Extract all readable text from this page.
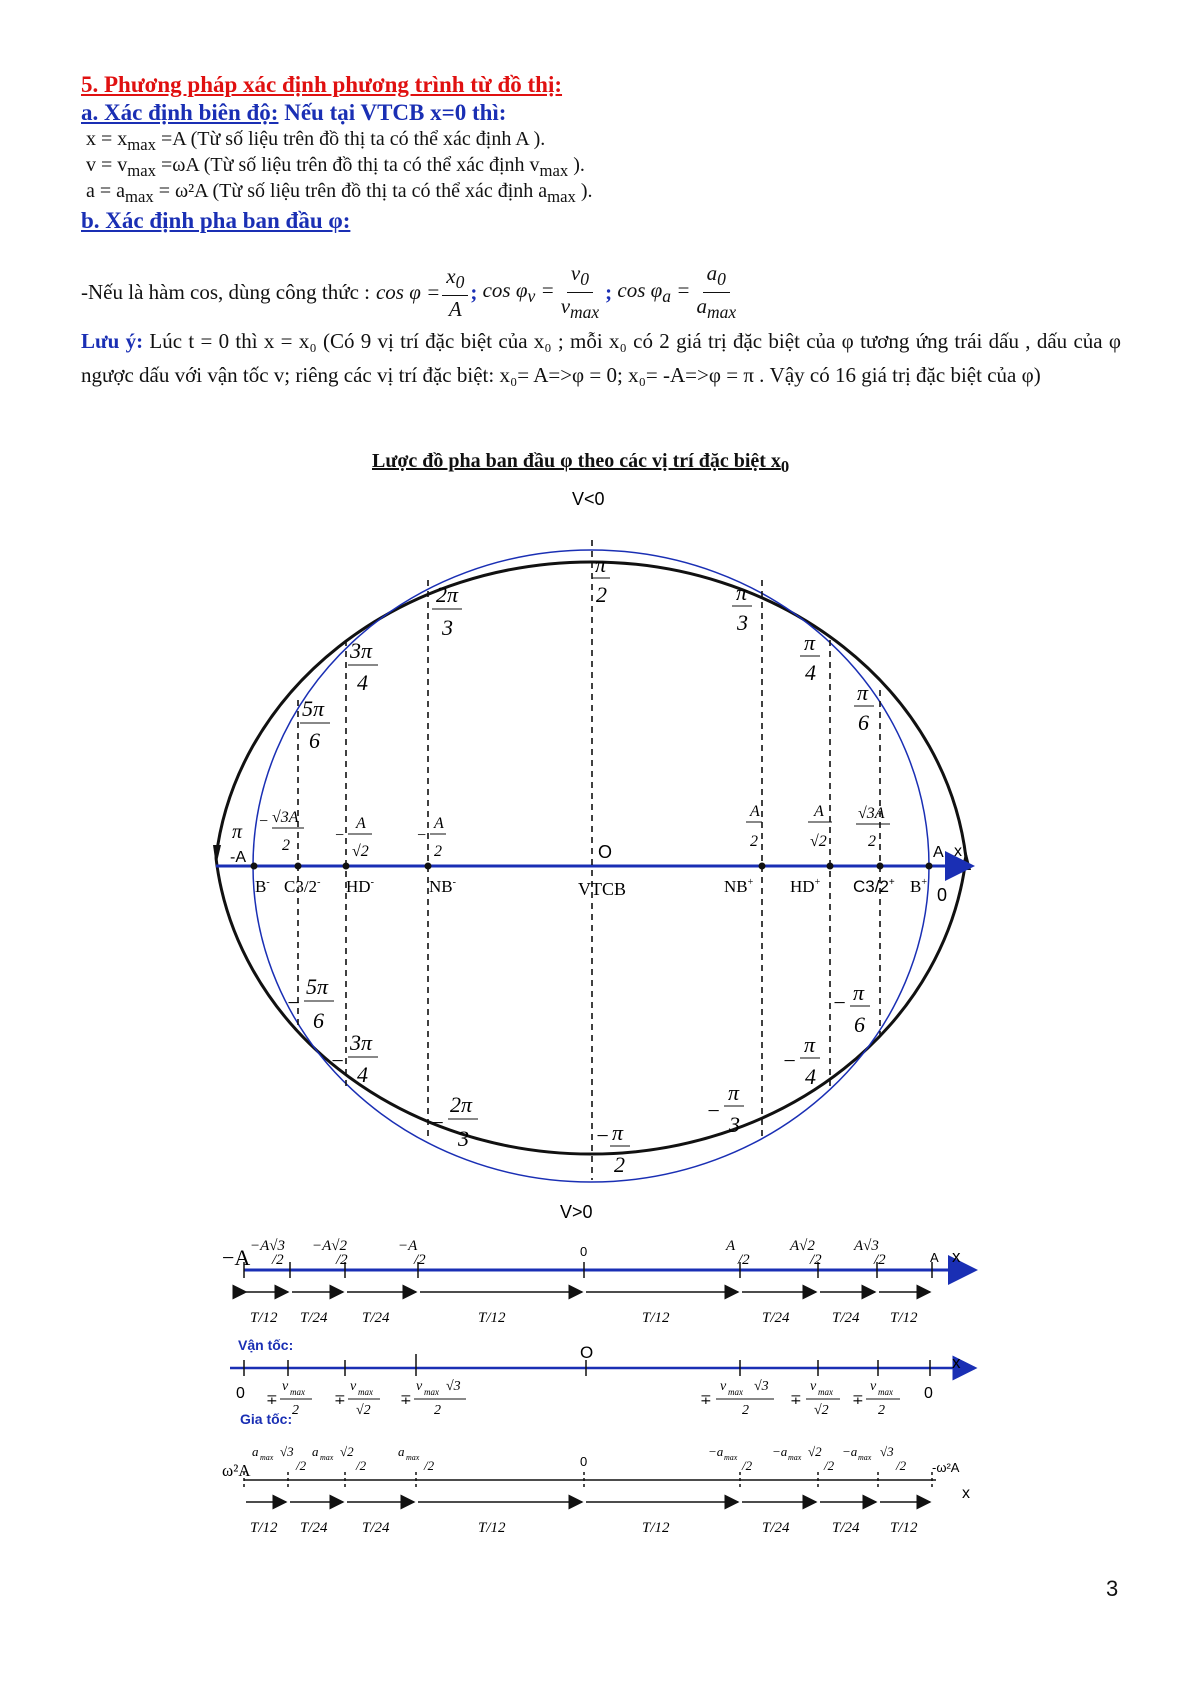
5. Phương pháp xác định phương trình từ đồ thị:
a. Xác định biên độ: Nếu tại VTCB x=0 thì:
$x = x_{max} =A$ (Từ số liệu trên đồ thị ta có thể xác định A ).
$v = v_{max} =\omega A$ (Từ số liệu trên đồ thị ta có thể xác định $v_{max}$ ).
$a = a_{max} = \omega^2A$ (Từ số liệu trên đồ thị ta có thể xác định $a_{max}$ ).
b. Xác định pha ban đầu φ:
-Nếu là hàm cos, dùng công thức : $\cos \varphi = \frac{x_0}{A}$ ;
$\cos \varphi_v = \frac{v_0}{v_{max}}$ ;
$\cos \varphi_a = \frac{a_0}{a_{max}}$
Lưu ý: Lúc t = 0 thì x = x₀ (Có 9 vị trí đặc biệt của x₀ ; mỗi x₀ có 2 giá trị đặc biệt của φ tương ứng trái dấu , dấu của φ ngược dấu với vận tốc v; riêng các vị trí đặc biệt: x₀= A=>φ = 0; x₀= -A=>φ = π . Vậy có 16 giá trị đặc biệt của φ)
Lược đồ pha ban đầu φ theo các vị trí đặc biệt $x_0$
V<0
V>0
O
VTCB
π
-A	A x
0
B- C3/2- HD-	NB-	NB+ HD+ C3/2+ B+
π
2
2π
3
π
3
3π
4
π
4
5π
6
π
6
− π
2
−
2π
3
−
π
3
−
3π
4
−
π
4
−
5π
6
− π
6
− √3A
2
−
A
√2
−
A
2
A
2
A
√2
√3A
2
−A −A√3
/2
−A√2
/2
−A
/2
0	A
/2
A√2
/2
A√3
/2	A x
T/12 T/24 T/24	T/12	T/12	T/24	T/24 T/12
Vận tốc:	O
x
0	0
∓
v max
2
∓
v max
√2
∓
v max √3
2
∓
v max √3
2
∓
v max
√2
∓
v max
2
Gia tốc:
ω²A	-ω²A
x
0
a max √3
/2
a max √2
/2
a max
/2
−a max
/2
−a max √2
/2
−a max √3
/2
T/12 T/24 T/24	T/12	T/12	T/24	T/24 T/12
3
